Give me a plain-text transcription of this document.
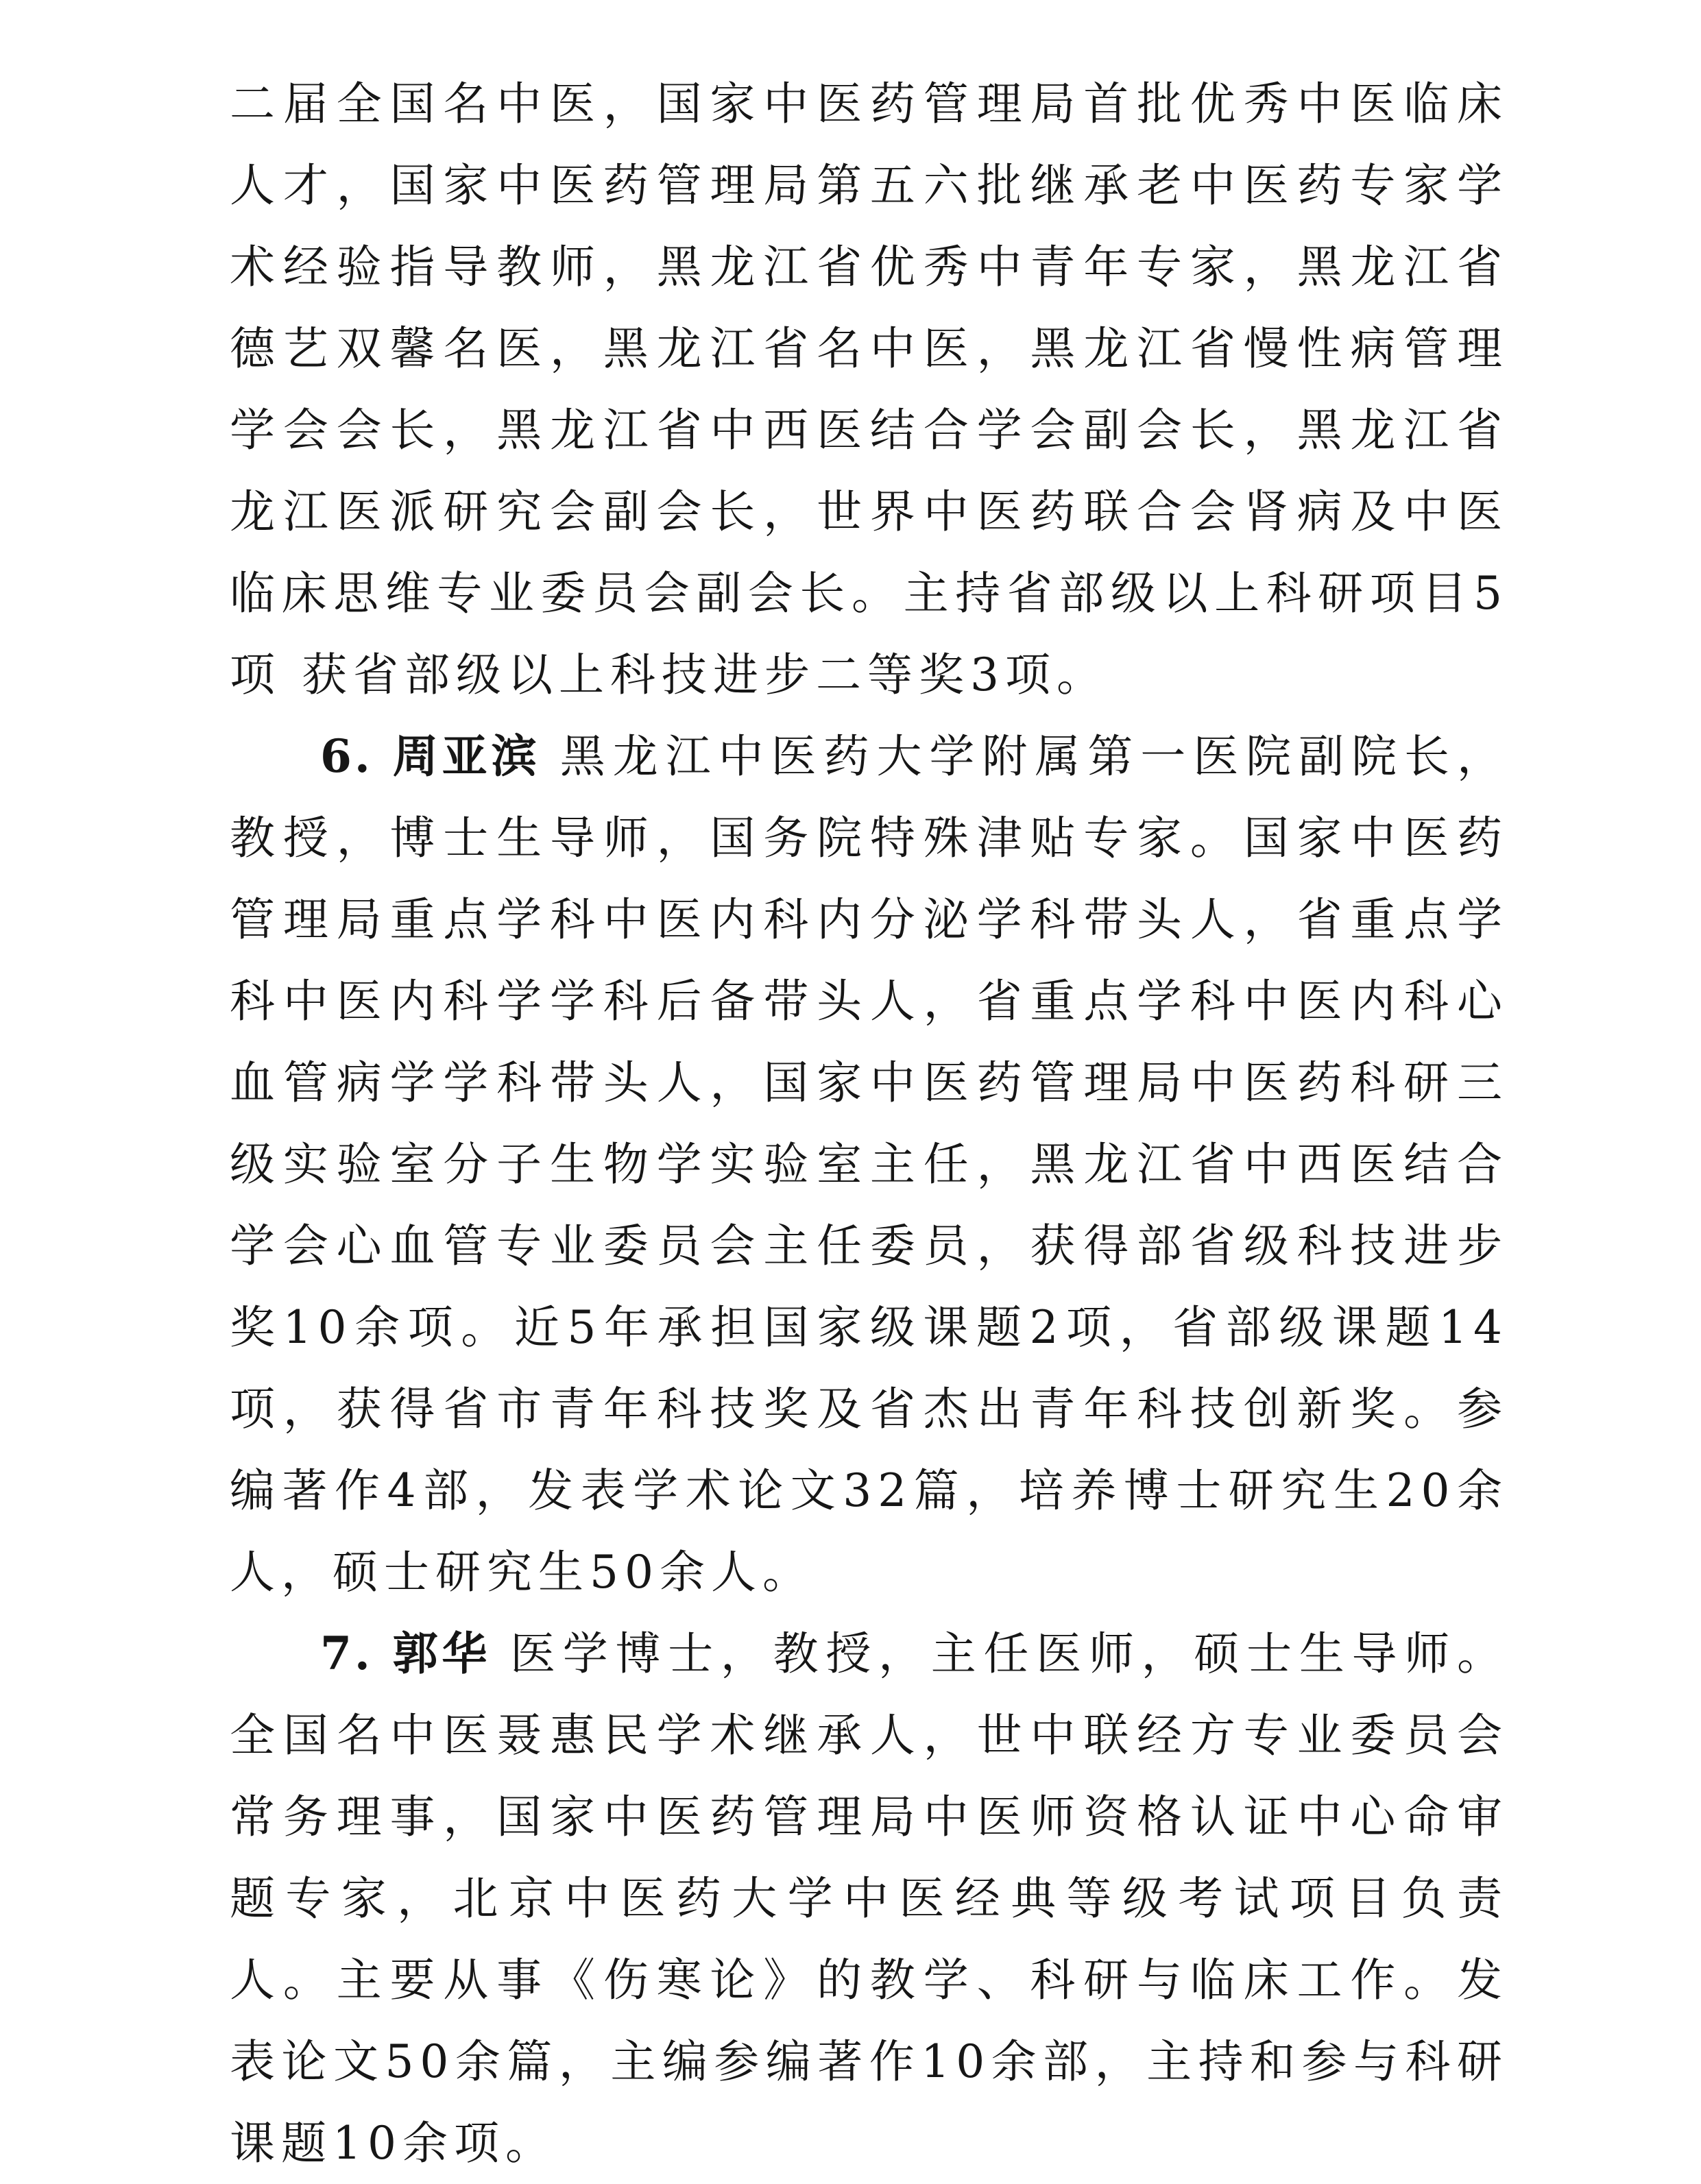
二届全国名中医，国家中医药管理局首批优秀中医临床人才，国家中医药管理局第五六批继承老中医药专家学术经验指导教师，黑龙江省优秀中青年专家，黑龙江省德艺双馨名医，黑龙江省名中医，黑龙江省慢性病管理学会会长，黑龙江省中西医结合学会副会长，黑龙江省龙江医派研究会副会长，世界中医药联合会肾病及中医临床思维专业委员会副会长。主持省部级以上科研项目5项 获省部级以上科技进步二等奖3项。

6. 周亚滨 黑龙江中医药大学附属第一医院副院长，教授，博士生导师，国务院特殊津贴专家。国家中医药管理局重点学科中医内科内分泌学科带头人，省重点学科中医内科学学科后备带头人，省重点学科中医内科心血管病学学科带头人，国家中医药管理局中医药科研三级实验室分子生物学实验室主任，黑龙江省中西医结合学会心血管专业委员会主任委员，获得部省级科技进步奖10余项。近5年承担国家级课题2项，省部级课题14项，获得省市青年科技奖及省杰出青年科技创新奖。参编著作4部，发表学术论文32篇，培养博士研究生20余人，硕士研究生50余人。

7. 郭华 医学博士，教授，主任医师，硕士生导师。全国名中医聂惠民学术继承人，世中联经方专业委员会常务理事，国家中医药管理局中医师资格认证中心命审题专家，北京中医药大学中医经典等级考试项目负责人。主要从事《伤寒论》的教学、科研与临床工作。发表论文50余篇，主编参编著作10余部，主持和参与科研课题10余项。
